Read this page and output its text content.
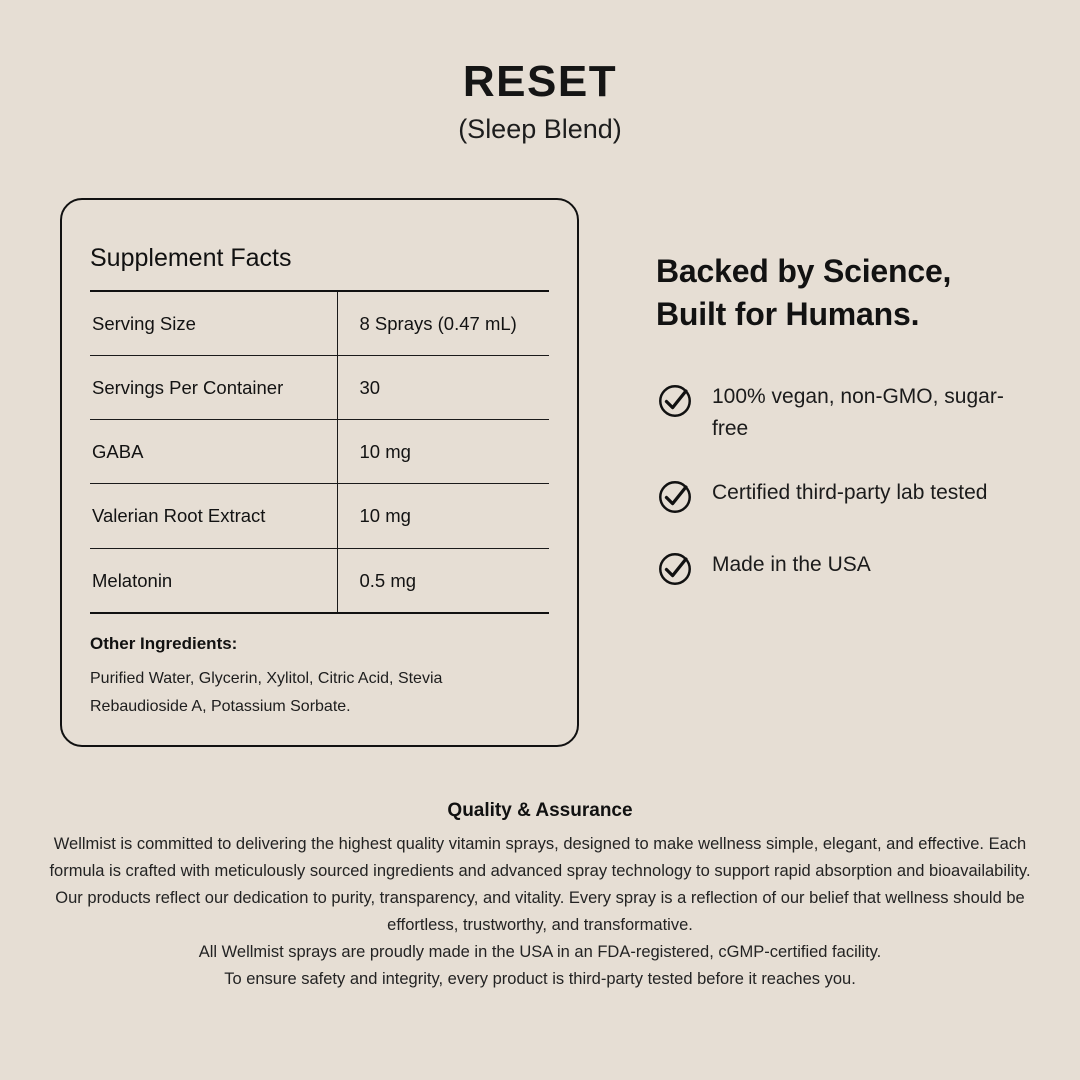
RESET
(Sleep Blend)
Supplement Facts
Serving Size	8 Sprays (0.47 mL)
Servings Per Container	30
GABA	10 mg
Valerian Root Extract	10 mg
Melatonin	0.5 mg
Other Ingredients:
Purified Water, Glycerin, Xylitol, Citric Acid, Stevia Rebaudioside A, Potassium Sorbate.
Backed by Science,
Built for Humans.
100% vegan, non-GMO, sugar-free
Certified third-party lab tested
Made in the USA
Quality & Assurance

Wellmist is committed to delivering the highest quality vitamin sprays, designed to make wellness simple, elegant, and effective. Each formula is crafted with meticulously sourced ingredients and advanced spray technology to support rapid absorption and bioavailability.

Our products reflect our dedication to purity, transparency, and vitality. Every spray is a reflection of our belief that wellness should be effortless, trustworthy, and transformative.

All Wellmist sprays are proudly made in the USA in an FDA-registered, cGMP-certified facility.

To ensure safety and integrity, every product is third-party tested before it reaches you.
